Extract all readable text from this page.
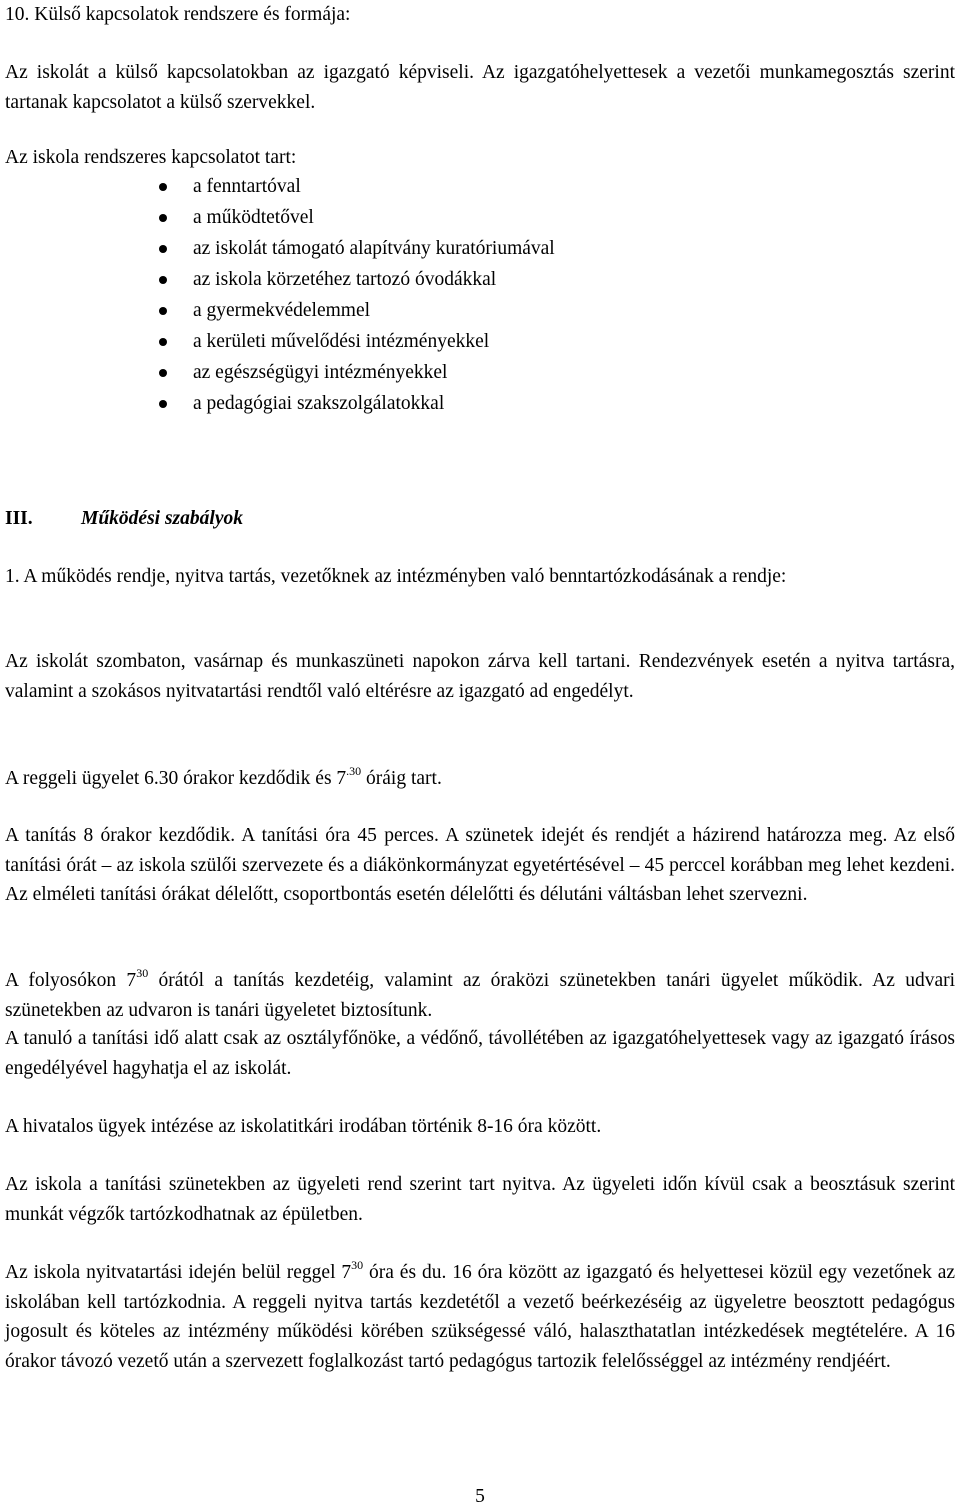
10. Külső kapcsolatok rendszere és formája:

Az iskolát a külső kapcsolatokban az igazgató képviseli. Az igazgatóhelyettesek a vezetői munkamegosztás szerint tartanak kapcsolatot a külső szervekkel.

Az iskola rendszeres kapcsolatot tart:

a fenntartóval
a működtetővel
az iskolát támogató alapítvány kuratóriumával
az iskola körzetéhez tartozó óvodákkal
a gyermekvédelemmel
a kerületi művelődési intézményekkel
az egészségügyi intézményekkel
a pedagógiai szakszolgálatokkal
III. Működési szabályok

1. A működés rendje, nyitva tartás, vezetőknek az intézményben való benntartózkodásának a rendje:

Az iskolát szombaton, vasárnap és munkaszüneti napokon zárva kell tartani. Rendezvények esetén a nyitva tartásra, valamint a szokásos nyitvatartási rendtől való eltérésre az igazgató ad engedélyt.

A reggeli ügyelet 6.30 órakor kezdődik és $7^{.30}$ óráig tart.

A tanítás 8 órakor kezdődik. A tanítási óra 45 perces. A szünetek idejét és rendjét a házirend határozza meg. Az első tanítási órát – az iskola szülői szervezete és a diákönkormányzat egyetértésével – 45 perccel korábban meg lehet kezdeni. Az elméleti tanítási órákat délelőtt, csoportbontás esetén délelőtti és délutáni váltásban lehet szervezni.

A folyosókon $7^{30}$ órától a tanítás kezdetéig, valamint az óraközi szünetekben tanári ügyelet működik. Az udvari szünetekben az udvaron is tanári ügyeletet biztosítunk.

A tanuló a tanítási idő alatt csak az osztályfőnöke, a védőnő, távollétében az igazgatóhelyettesek vagy az igazgató írásos engedélyével hagyhatja el az iskolát.

A hivatalos ügyek intézése az iskolatitkári irodában történik 8-16 óra között.

Az iskola a tanítási szünetekben az ügyeleti rend szerint tart nyitva. Az ügyeleti időn kívül csak a beosztásuk szerint munkát végzők tartózkodhatnak az épületben.

Az iskola nyitvatartási idején belül reggel $7^{30}$ óra és du. 16 óra között az igazgató és helyettesei közül egy vezetőnek az iskolában kell tartózkodnia. A reggeli nyitva tartás kezdetétől a vezető beérkezéséig az ügyeletre beosztott pedagógus jogosult és köteles az intézmény működési körében szükségessé váló, halaszthatatlan intézkedések megtételére. A 16 órakor távozó vezető után a szervezett foglalkozást tartó pedagógus tartozik felelősséggel az intézmény rendjéért.

5
